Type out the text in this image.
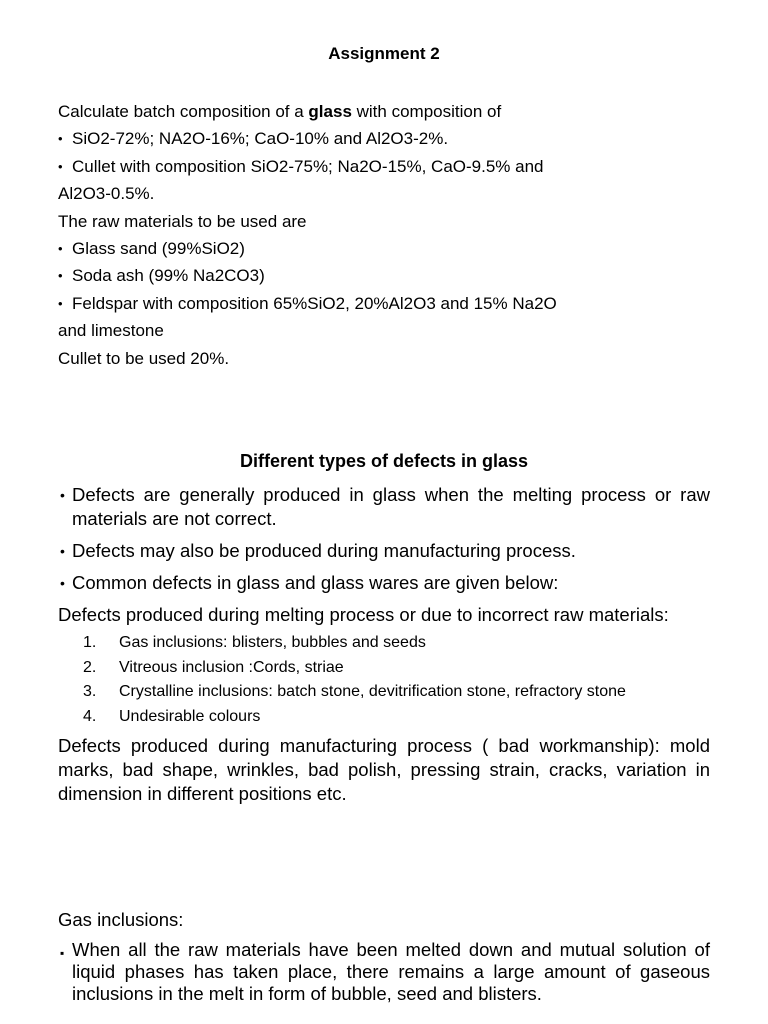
Assignment 2
Calculate batch composition of a glass with composition of
• SiO2-72%; NA2O-16%; CaO-10% and Al2O3-2%.
• Cullet with composition SiO2-75%; Na2O-15%, CaO-9.5% and
Al2O3-0.5%.
The raw materials to be used are
• Glass sand (99%SiO2)
• Soda ash (99% Na2CO3)
• Feldspar with composition 65%SiO2, 20%Al2O3 and 15% Na2O
and limestone
Cullet to be used 20%.
Different types of defects in glass
• Defects are generally produced in glass when the melting process or raw materials are not correct.
• Defects may also be produced during manufacturing process.
• Common defects in glass and glass wares are given below:
Defects produced during melting process or due to incorrect raw materials:
1. Gas inclusions: blisters, bubbles and seeds
2. Vitreous inclusion :Cords, striae
3. Crystalline inclusions: batch stone, devitrification stone, refractory stone
4. Undesirable colours
Defects produced during manufacturing process ( bad workmanship): mold marks, bad shape, wrinkles, bad polish, pressing strain, cracks, variation in dimension in different positions etc.
Gas inclusions:
▪ When all the raw materials have been melted down and mutual solution of liquid phases has taken place, there remains a large amount of gaseous inclusions in the melt in form of bubble, seed and blisters.
